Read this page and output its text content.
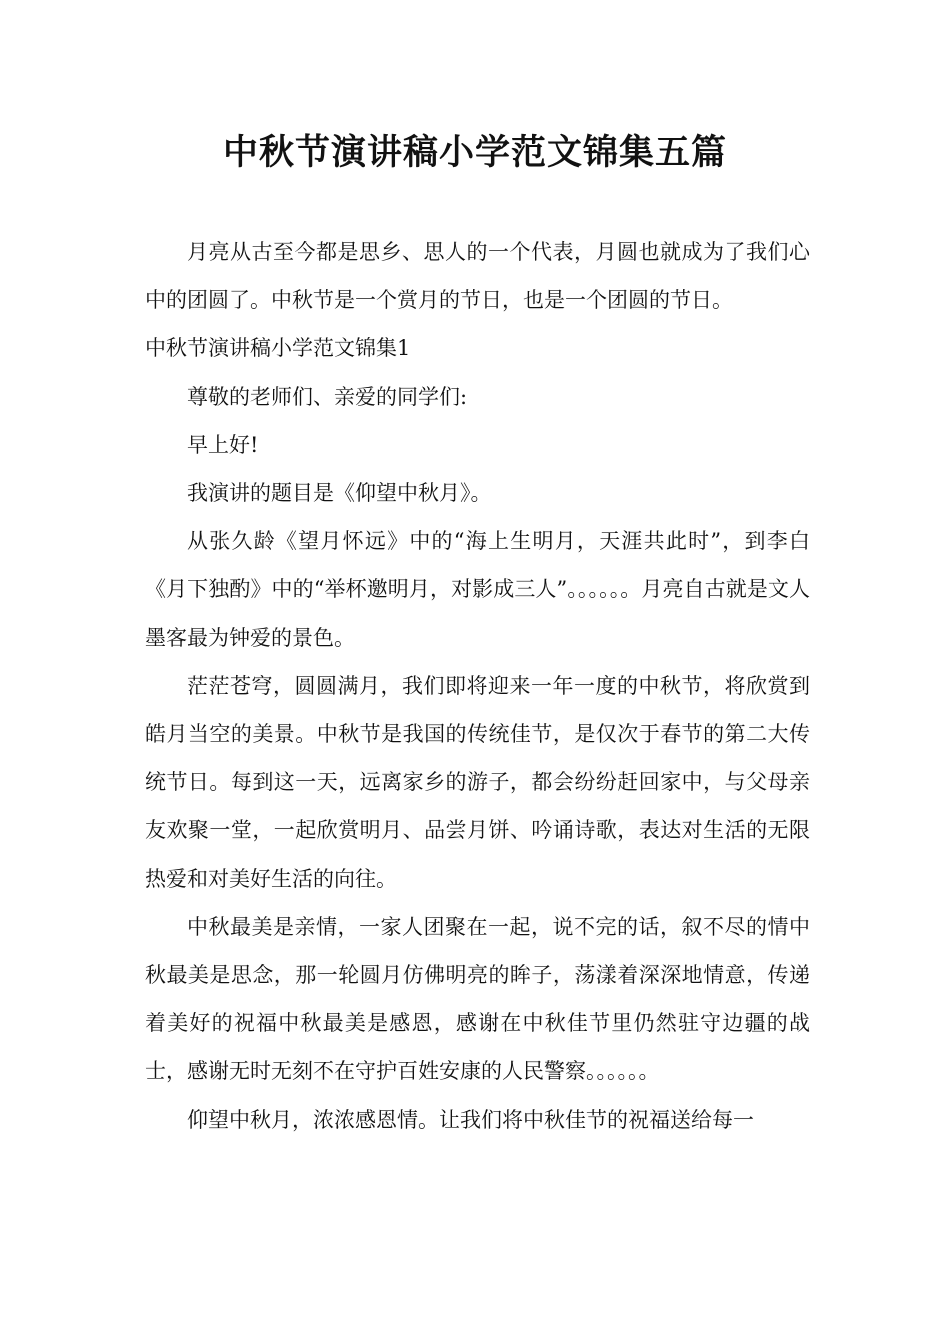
中秋节演讲稿小学范文锦集五篇

月亮从古至今都是思乡、思人的一个代表，月圆也就成为了我们心中的团圆了。中秋节是一个赏月的节日，也是一个团圆的节日。

中秋节演讲稿小学范文锦集1

尊敬的老师们、亲爱的同学们:

早上好!

我演讲的题目是《仰望中秋月》。

从张久龄《望月怀远》中的“海上生明月，天涯共此时”，到李白《月下独酌》中的“举杯邀明月，对影成三人”。。。。。。月亮自古就是文人墨客最为钟爱的景色。

茫茫苍穹，圆圆满月，我们即将迎来一年一度的中秋节，将欣赏到皓月当空的美景。中秋节是我国的传统佳节，是仅次于春节的第二大传统节日。每到这一天，远离家乡的游子，都会纷纷赶回家中，与父母亲友欢聚一堂，一起欣赏明月、品尝月饼、吟诵诗歌，表达对生活的无限热爱和对美好生活的向往。

中秋最美是亲情，一家人团聚在一起，说不完的话，叙不尽的情中秋最美是思念，那一轮圆月仿佛明亮的眸子，荡漾着深深地情意，传递着美好的祝福中秋最美是感恩，感谢在中秋佳节里仍然驻守边疆的战士，感谢无时无刻不在守护百姓安康的人民警察。。。。。。

仰望中秋月，浓浓感恩情。让我们将中秋佳节的祝福送给每一
